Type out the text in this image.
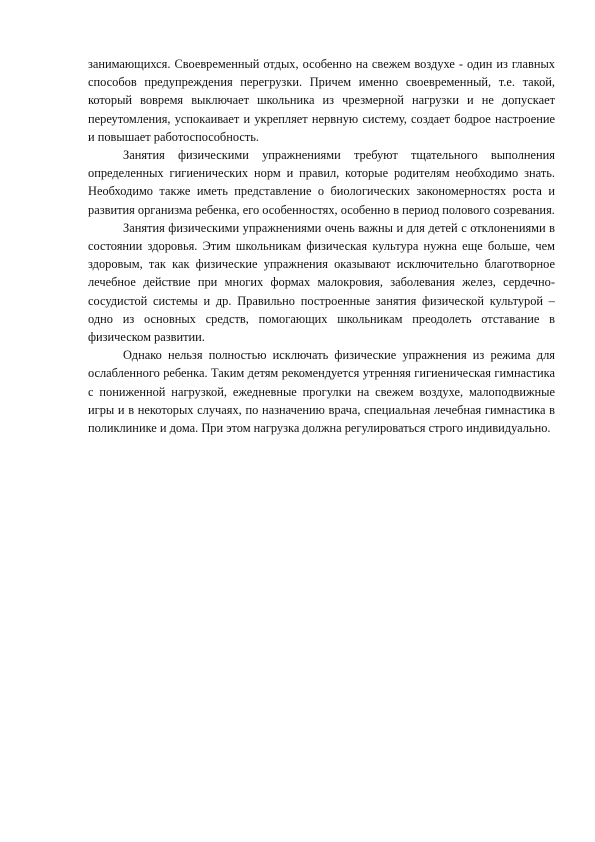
занимающихся. Своевременный отдых, особенно на свежем воздухе - один из главных способов предупреждения перегрузки. Причем именно своевременный, т.е. такой, который вовремя выключает школьника из чрезмерной нагрузки и не допускает переутомления, успокаивает и укрепляет нервную систему, создает бодрое настроение и повышает работоспособность.

Занятия физическими упражнениями требуют тщательного выполнения определенных гигиенических норм и правил, которые родителям необходимо знать. Необходимо также иметь представление о биологических закономерностях роста и развития организма ребенка, его особенностях, особенно в период полового созревания.

Занятия физическими упражнениями очень важны и для детей с отклонениями в состоянии здоровья. Этим школьникам физическая культура нужна еще больше, чем здоровым, так как физические упражнения оказывают исключительно благотворное лечебное действие при многих формах малокровия, заболевания желез, сердечно-сосудистой системы и др. Правильно построенные занятия физической культурой – одно из основных средств, помогающих школьникам преодолеть отставание в физическом развитии.

Однако нельзя полностью исключать физические упражнения из режима для ослабленного ребенка. Таким детям рекомендуется утренняя гигиеническая гимнастика с пониженной нагрузкой, ежедневные прогулки на свежем воздухе, малоподвижные игры и в некоторых случаях, по назначению врача, специальная лечебная гимнастика в поликлинике и дома. При этом нагрузка должна регулироваться строго индивидуально.
